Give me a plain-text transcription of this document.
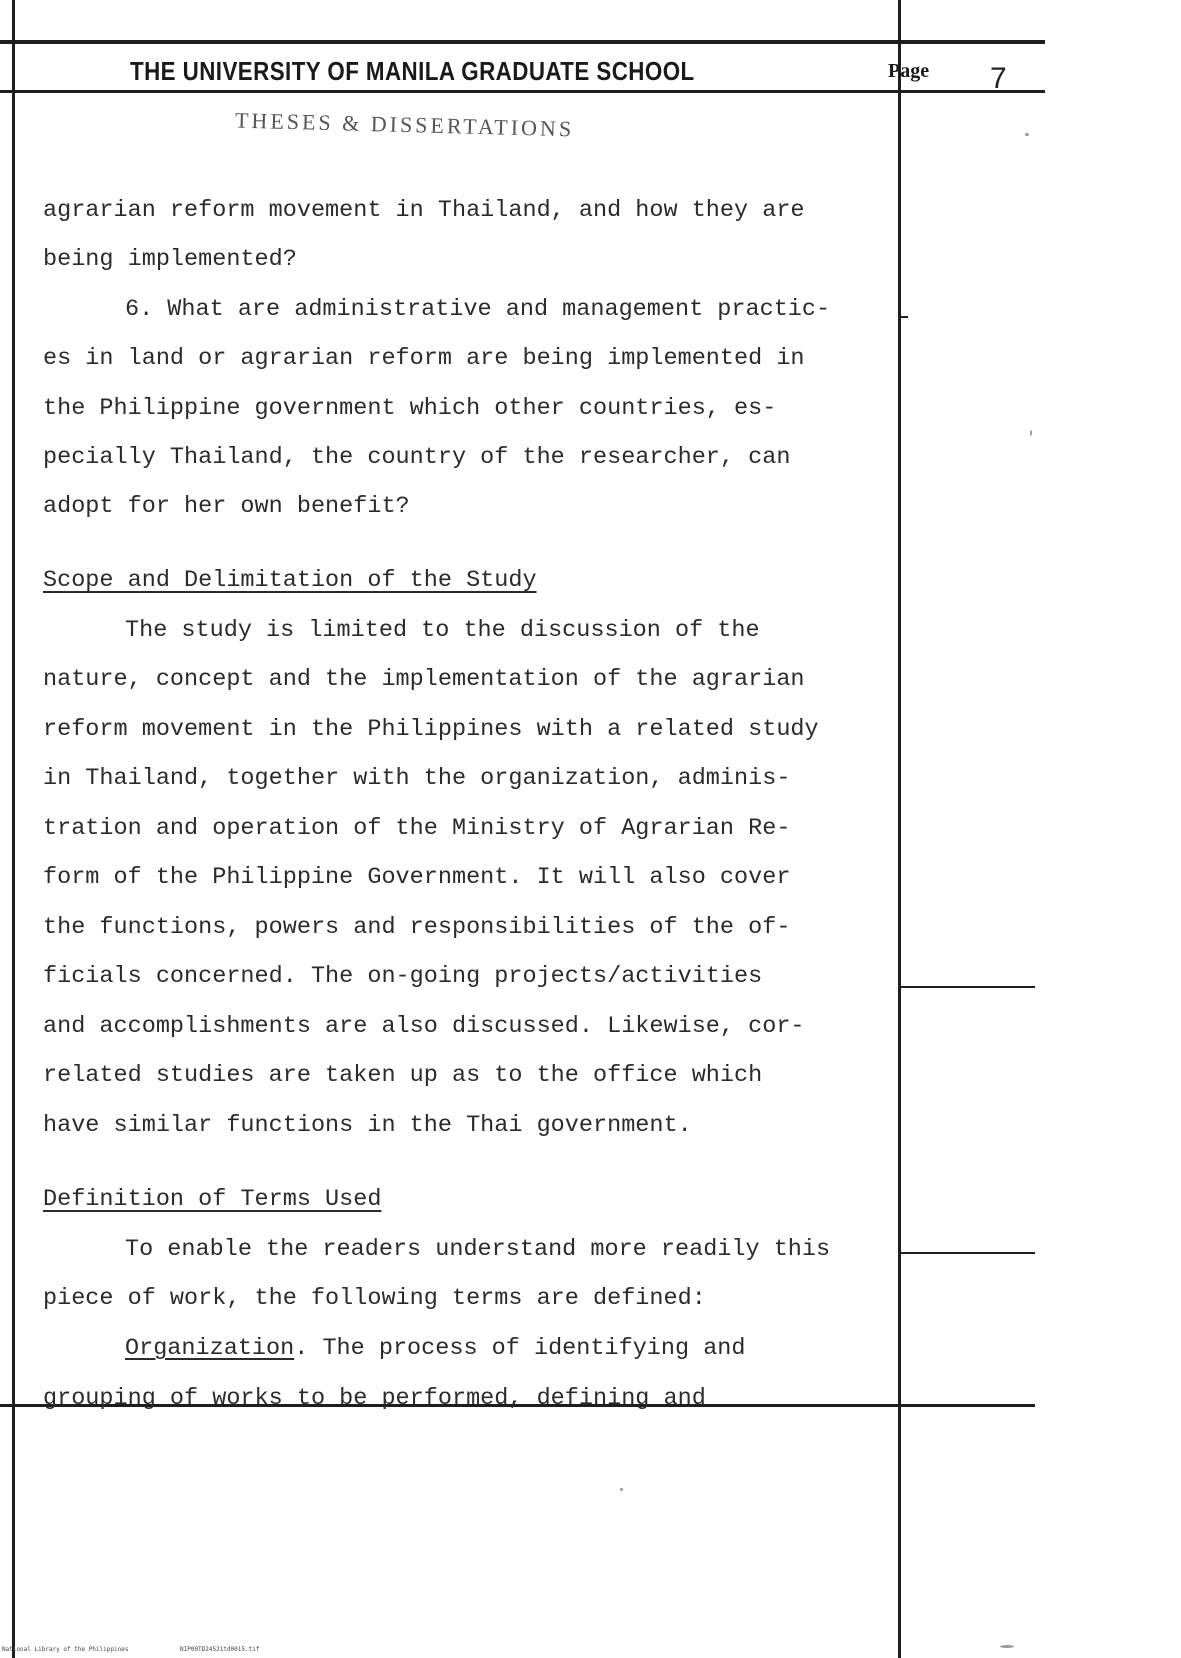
THE UNIVERSITY OF MANILA GRADUATE SCHOOL	Page 7
THESES & DISSERTATIONS
agrarian reform movement in Thailand, and how they are
being implemented?
6. What are administrative and management practic-
es in land or agrarian reform are being implemented in
the Philippine government which other countries, es-
pecially Thailand, the country of the researcher, can
adopt for her own benefit?
Scope and Delimitation of the Study
The study is limited to the discussion of the
nature, concept and the implementation of the agrarian
reform movement in the Philippines with a related study
in Thailand, together with the organization, adminis-
tration and operation of the Ministry of Agrarian Re-
form of the Philippine Government. It will also cover
the functions, powers and responsibilities of the of-
ficials concerned. The on-going projects/activities
and accomplishments are also discussed. Likewise, cor-
related studies are taken up as to the office which
have similar functions in the Thai government.
Definition of Terms Used
To enable the readers understand more readily this
piece of work, the following terms are defined:
Organization. The process of identifying and
grouping of works to be performed, defining and
National Library of the Philippines	NIP00TD24521td0015.tif
